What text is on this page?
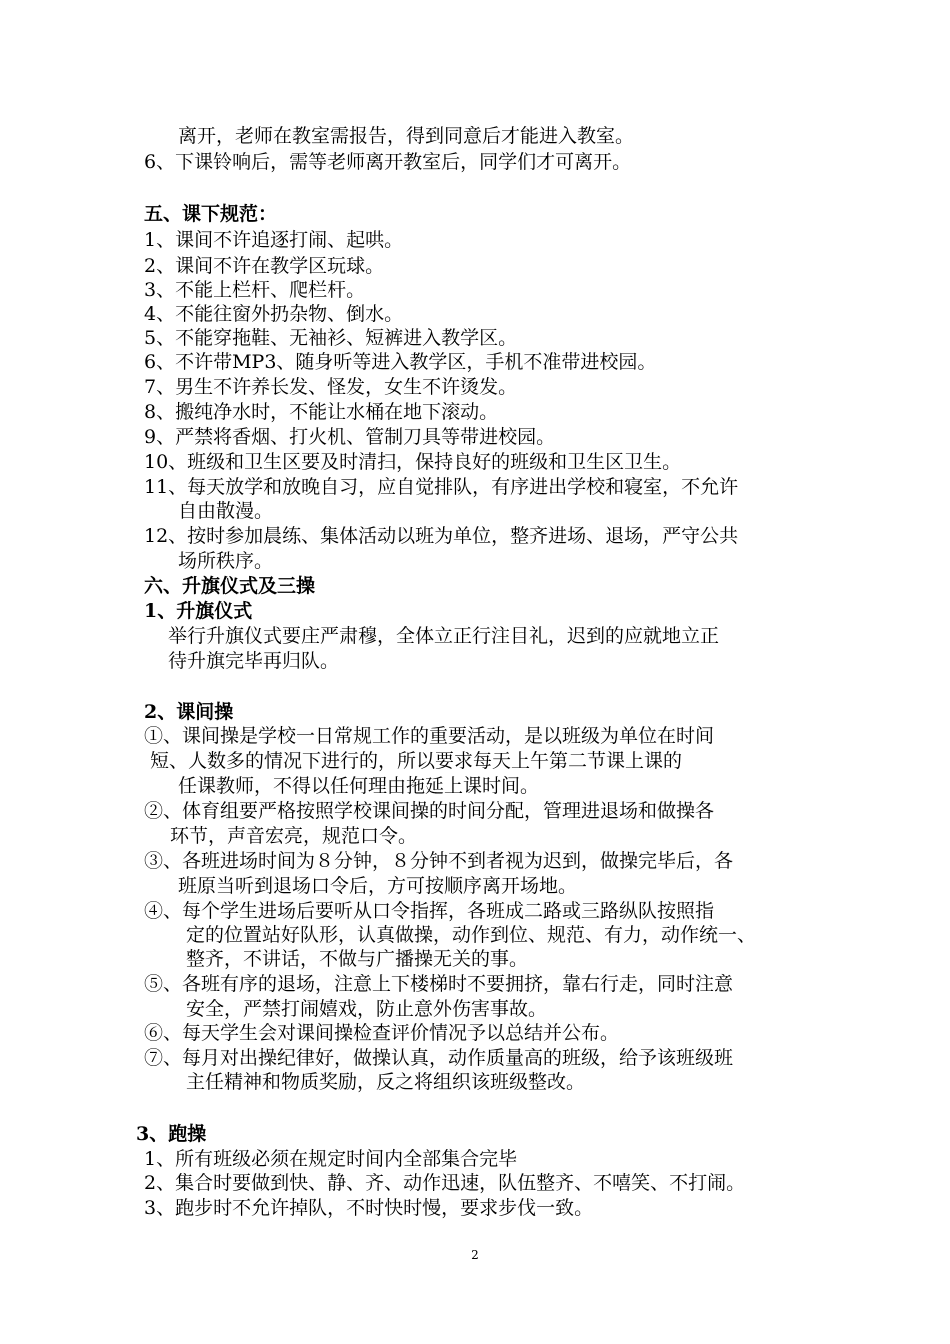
离开，老师在教室需报告，得到同意后才能进入教室。
6、下课铃响后，需等老师离开教室后，同学们才可离开。
五、课下规范：
1、课间不许追逐打闹、起哄。
2、课间不许在教学区玩球。
3、不能上栏杆、爬栏杆。
4、不能往窗外扔杂物、倒水。
5、不能穿拖鞋、无袖衫、短裤进入教学区。
6、不许带MP3、随身听等进入教学区，手机不准带进校园。
7、男生不许养长发、怪发，女生不许烫发。
8、搬纯净水时，不能让水桶在地下滚动。
9、严禁将香烟、打火机、管制刀具等带进校园。
10、班级和卫生区要及时清扫，保持良好的班级和卫生区卫生。
11、每天放学和放晚自习，应自觉排队，有序进出学校和寝室，不允许
自由散漫。
12、按时参加晨练、集体活动以班为单位，整齐进场、退场，严守公共
场所秩序。
六、升旗仪式及三操
1、升旗仪式
举行升旗仪式要庄严肃穆，全体立正行注目礼，迟到的应就地立正
待升旗完毕再归队。
2、课间操
①、课间操是学校一日常规工作的重要活动，是以班级为单位在时间
短、人数多的情况下进行的，所以要求每天上午第二节课上课的
任课教师，不得以任何理由拖延上课时间。
②、体育组要严格按照学校课间操的时间分配，管理进退场和做操各
环节，声音宏亮，规范口令。
③、各班进场时间为８分钟，８分钟不到者视为迟到，做操完毕后，各
班原当听到退场口令后，方可按顺序离开场地。
④、每个学生进场后要听从口令指挥，各班成二路或三路纵队按照指
定的位置站好队形，认真做操，动作到位、规范、有力，动作统一、
整齐，不讲话，不做与广播操无关的事。
⑤、各班有序的退场，注意上下楼梯时不要拥挤，靠右行走，同时注意
安全，严禁打闹嬉戏，防止意外伤害事故。
⑥、每天学生会对课间操检查评价情况予以总结并公布。
⑦、每月对出操纪律好，做操认真，动作质量高的班级，给予该班级班
主任精神和物质奖励，反之将组织该班级整改。
3、跑操
1、所有班级必须在规定时间内全部集合完毕
2、集合时要做到快、静、齐、动作迅速，队伍整齐、不嘻笑、不打闹。
3、跑步时不允许掉队，不时快时慢，要求步伐一致。
2
